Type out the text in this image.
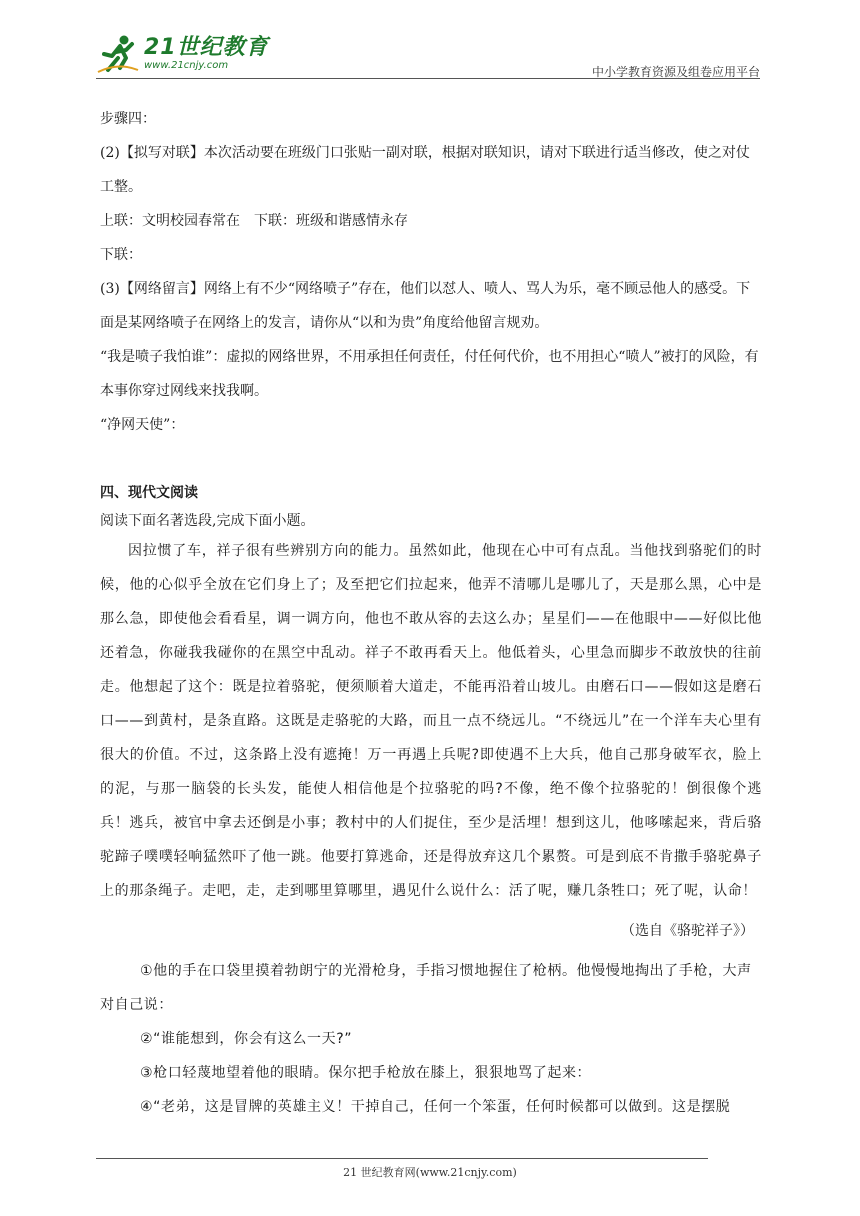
21世纪教育
www.21cnjy.com	中小学教育资源及组卷应用平台

步骤四：

(2)【拟写对联】本次活动要在班级门口张贴一副对联，根据对联知识，请对下联进行适当修改，使之对仗工整。

上联：文明校园春常在　下联：班级和谐感情永存

下联：

(3)【网络留言】网络上有不少“网络喷子”存在，他们以怼人、喷人、骂人为乐，毫不顾忌他人的感受。下面是某网络喷子在网络上的发言，请你从“以和为贵”角度给他留言规劝。

“我是喷子我怕谁”：虚拟的网络世界，不用承担任何责任，付任何代价，也不用担心“喷人”被打的风险，有本事你穿过网线来找我啊。

“净网天使”：

四、现代文阅读

阅读下面名著选段,完成下面小题。

因拉惯了车，祥子很有些辨别方向的能力。虽然如此，他现在心中可有点乱。当他找到骆驼们的时候，他的心似乎全放在它们身上了；及至把它们拉起来，他弄不清哪儿是哪儿了，天是那么黑，心中是那么急，即使他会看看星，调一调方向，他也不敢从容的去这么办；星星们——在他眼中——好似比他还着急，你碰我我碰你的在黑空中乱动。祥子不敢再看天上。他低着头，心里急而脚步不敢放快的往前走。他想起了这个：既是拉着骆驼，便须顺着大道走，不能再沿着山坡儿。由磨石口——假如这是磨石口——到黄村，是条直路。这既是走骆驼的大路，而且一点不绕远儿。“不绕远儿”在一个洋车夫心里有很大的价值。不过，这条路上没有遮掩！万一再遇上兵呢?即使遇不上大兵，他自己那身破军衣，脸上的泥，与那一脑袋的长头发，能使人相信他是个拉骆驼的吗?不像，绝不像个拉骆驼的！倒很像个逃兵！逃兵，被官中拿去还倒是小事；教村中的人们捉住，至少是活埋！想到这儿，他哆嗦起来，背后骆驼蹄子噗噗轻响猛然吓了他一跳。他要打算逃命，还是得放弃这几个累赘。可是到底不肯撒手骆驼鼻子上的那条绳子。走吧，走，走到哪里算哪里，遇见什么说什么：活了呢，赚几条牲口；死了呢，认命！

（选自《骆驼祥子》）

①他的手在口袋里摸着勃朗宁的光滑枪身，手指习惯地握住了枪柄。他慢慢地掏出了手枪，大声对自己说：

②“谁能想到，你会有这么一天?”

③枪口轻蔑地望着他的眼睛。保尔把手枪放在膝上，狠狠地骂了起来：

④“老弟，这是冒牌的英雄主义！干掉自己，任何一个笨蛋，任何时候都可以做到。这是摆脱

21 世纪教育网(www.21cnjy.com)
